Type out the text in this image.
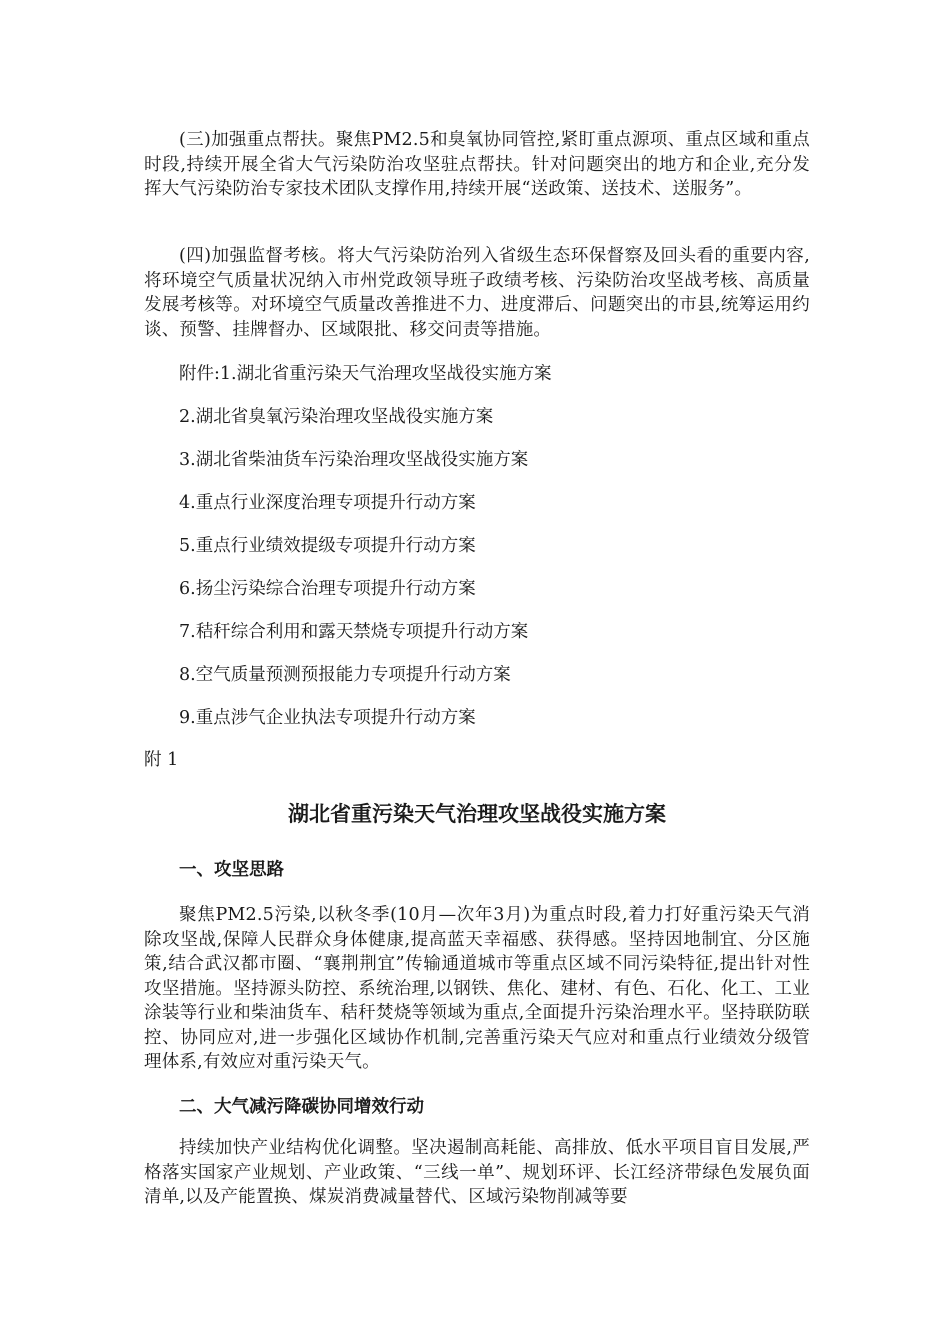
(三)加强重点帮扶。聚焦PM2.5和臭氧协同管控,紧盯重点源项、重点区域和重点时段,持续开展全省大气污染防治攻坚驻点帮扶。针对问题突出的地方和企业,充分发挥大气污染防治专家技术团队支撑作用,持续开展“送政策、送技术、送服务”。

(四)加强监督考核。将大气污染防治列入省级生态环保督察及回头看的重要内容,将环境空气质量状况纳入市州党政领导班子政绩考核、污染防治攻坚战考核、高质量发展考核等。对环境空气质量改善推进不力、进度滞后、问题突出的市县,统筹运用约谈、预警、挂牌督办、区域限批、移交问责等措施。

附件:1.湖北省重污染天气治理攻坚战役实施方案

2.湖北省臭氧污染治理攻坚战役实施方案

3.湖北省柴油货车污染治理攻坚战役实施方案

4.重点行业深度治理专项提升行动方案

5.重点行业绩效提级专项提升行动方案

6.扬尘污染综合治理专项提升行动方案

7.秸秆综合利用和露天禁烧专项提升行动方案

8.空气质量预测预报能力专项提升行动方案

9.重点涉气企业执法专项提升行动方案

附 1

湖北省重污染天气治理攻坚战役实施方案
一、攻坚思路

聚焦PM2.5污染,以秋冬季(10月—次年3月)为重点时段,着力打好重污染天气消除攻坚战,保障人民群众身体健康,提高蓝天幸福感、获得感。坚持因地制宜、分区施策,结合武汉都市圈、“襄荆荆宜”传输通道城市等重点区域不同污染特征,提出针对性攻坚措施。坚持源头防控、系统治理,以钢铁、焦化、建材、有色、石化、化工、工业涂装等行业和柴油货车、秸秆焚烧等领域为重点,全面提升污染治理水平。坚持联防联控、协同应对,进一步强化区域协作机制,完善重污染天气应对和重点行业绩效分级管理体系,有效应对重污染天气。

二、大气减污降碳协同增效行动

持续加快产业结构优化调整。坚决遏制高耗能、高排放、低水平项目盲目发展,严格落实国家产业规划、产业政策、“三线一单”、规划环评、长江经济带绿色发展负面清单,以及产能置换、煤炭消费减量替代、区域污染物削减等要
